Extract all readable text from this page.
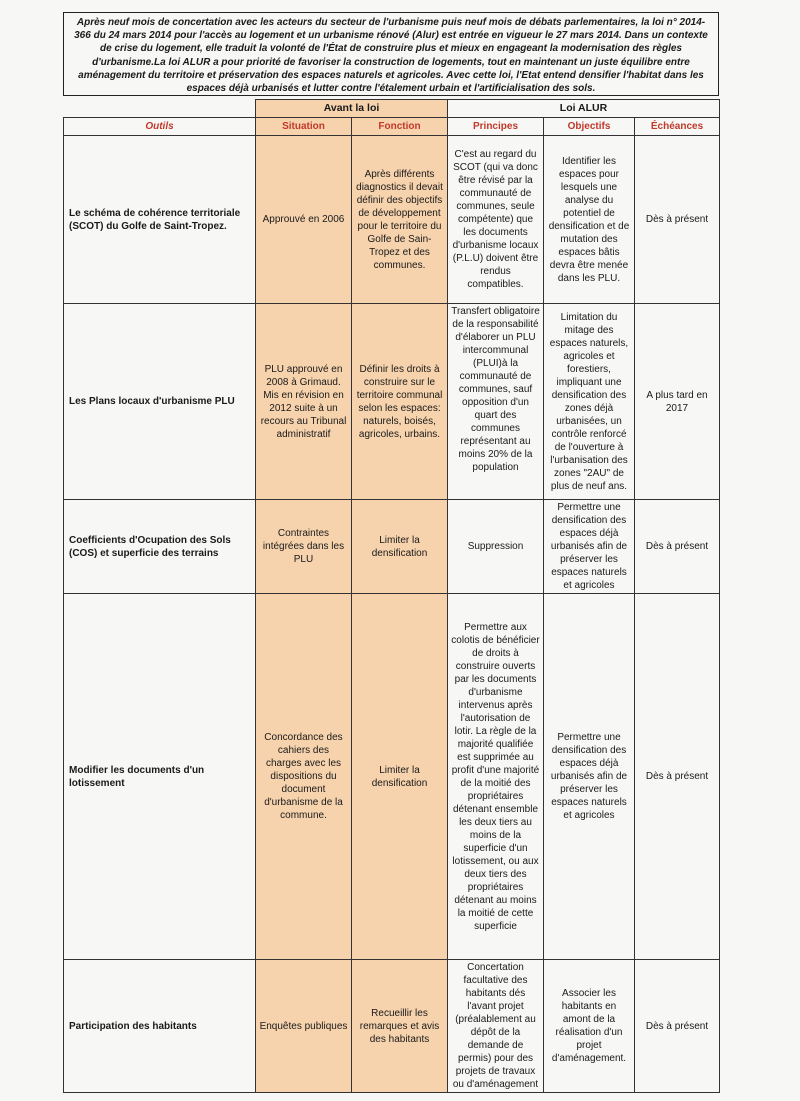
Après neuf mois de concertation avec les acteurs du secteur de l'urbanisme puis neuf mois de débats parlementaires, la loi n° 2014-366 du 24 mars 2014 pour l'accès au logement et un urbanisme rénové (Alur) est entrée en vigueur le 27 mars 2014. Dans un contexte de crise du logement, elle traduit la volonté de l'État de construire plus et mieux en engageant la modernisation des règles d'urbanisme.La loi ALUR a pour priorité de favoriser la construction de logements, tout en maintenant un juste équilibre entre aménagement du territoire et préservation des espaces naturels et agricoles. Avec cette loi, l'Etat entend densifier l'habitat dans les espaces déjà urbanisés et lutter contre l'étalement urbain et l'artificialisation des sols.
	Avant la loi		Loi ALUR		
Outils	Situation	Fonction	Principes	Objectifs	Échéances
Le schéma de cohérence territoriale (SCOT) du Golfe de Saint-Tropez.	Approuvé en 2006	Après différents diagnostics il devait définir des objectifs de développement pour le territoire du Golfe de Sain-Tropez et des communes.	C'est au regard du SCOT (qui va donc être révisé par la communauté de communes, seule compétente) que les documents d'urbanisme locaux (P.L.U) doivent être rendus compatibles.	Identifier les espaces pour lesquels une analyse du potentiel de densification et de mutation des espaces bâtis devra être menée dans les PLU.	Dès à présent
Les Plans locaux d'urbanisme PLU	PLU approuvé en 2008 à Grimaud. Mis en révision en 2012 suite à un recours au Tribunal administratif	Définir les droits à construire sur le territoire communal selon les espaces: naturels, boisés, agricoles, urbains.	Transfert obligatoire de la responsabilité d'élaborer un PLU intercommunal (PLUI)à la communauté de communes, sauf opposition d'un quart des communes représentant au moins 20% de la population	Limitation du mitage des espaces naturels, agricoles et forestiers, impliquant une densification des zones déjà urbanisées, un contrôle renforcé de l'ouverture à l'urbanisation des zones "2AU" de plus de neuf ans.	A plus tard en 2017
Coefficients d'Ocupation des Sols (COS) et superficie des terrains	Contraintes intégrées dans les PLU	Limiter la densification	Suppression	Permettre une densification des espaces déjà urbanisés afin de préserver les espaces naturels et agricoles	Dès à présent
Modifier les documents d'un lotissement	Concordance des cahiers des charges avec les dispositions du document d'urbanisme de la commune.	Limiter la densification	Permettre aux colotis de bénéficier de droits à construire ouverts par les documents d'urbanisme intervenus après l'autorisation de lotir. La règle de la majorité qualifiée est supprimée au profit d'une majorité de la moitié des propriétaires détenant ensemble les deux tiers au moins de la superficie d'un lotissement, ou aux deux tiers des propriétaires détenant au moins la moitié de cette superficie	Permettre une densification des espaces déjà urbanisés afin de préserver les espaces naturels et agricoles	Dès à présent
Participation des habitants	Enquêtes publiques	Recueillir les remarques et avis des habitants	Concertation facultative des habitants dés l'avant projet (préalablement au dépôt de la demande de permis) pour des projets de travaux ou d'aménagement	Associer les habitants en amont de la réalisation d'un projet d'aménagement.	Dès à présent
